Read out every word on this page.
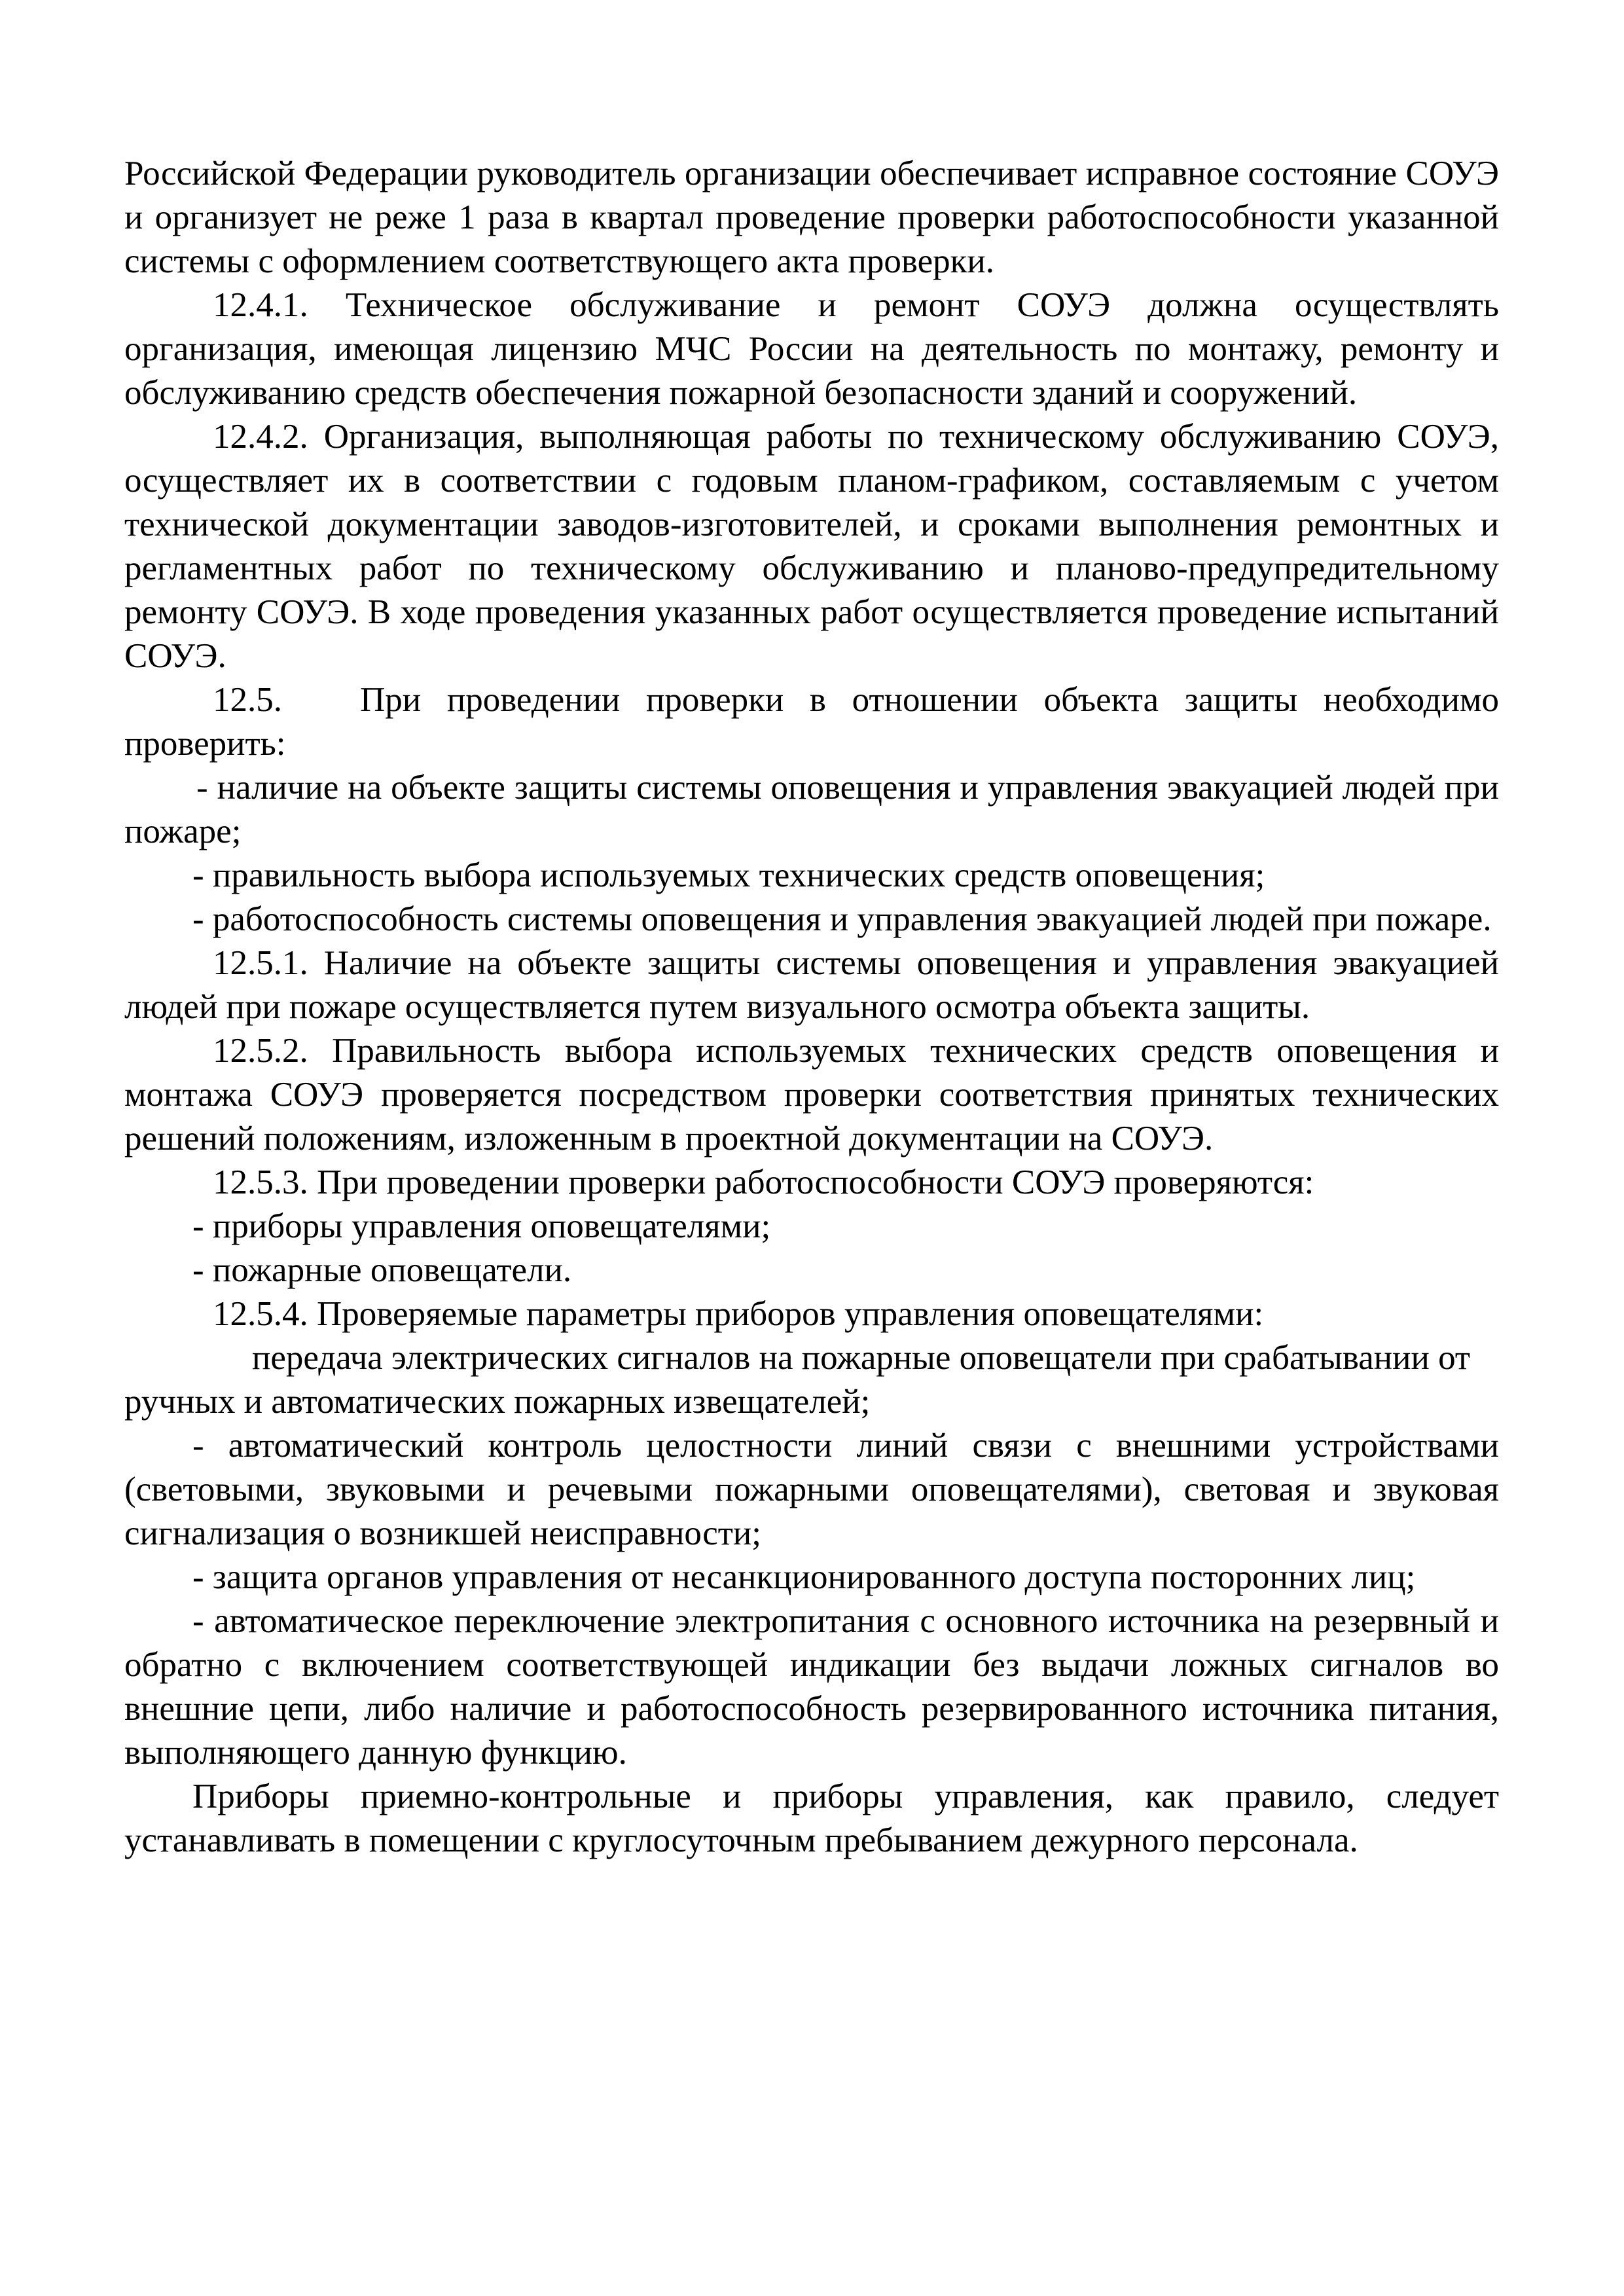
Российской Федерации руководитель организации обеспечивает исправное состояние СОУЭ и организует не реже 1 раза в квартал проведение проверки работоспособности указанной системы с оформлением соответствующего акта проверки.

12.4.1. Техническое обслуживание и ремонт СОУЭ должна осуществлять организация, имеющая лицензию МЧС России на деятельность по монтажу, ремонту и обслуживанию средств обеспечения пожарной безопасности зданий и сооружений.

12.4.2. Организация, выполняющая работы по техническому обслуживанию СОУЭ, осуществляет их в соответствии с годовым планом-графиком, составляемым с учетом технической документации заводов-изготовителей, и сроками выполнения ремонтных и регламентных работ по техническому обслуживанию и планово-предупредительному ремонту СОУЭ. В ходе проведения указанных работ осуществляется проведение испытаний СОУЭ.

12.5. При проведении проверки в отношении объекта защиты необходимо проверить:

- наличие на объекте защиты системы оповещения и управления эвакуацией людей при пожаре;

- правильность выбора используемых технических средств оповещения;

- работоспособность системы оповещения и управления эвакуацией людей при пожаре.

12.5.1. Наличие на объекте защиты системы оповещения и управления эвакуацией людей при пожаре осуществляется путем визуального осмотра объекта защиты.

12.5.2. Правильность выбора используемых технических средств оповещения и монтажа СОУЭ проверяется посредством проверки соответствия принятых технических решений положениям, изложенным в проектной документации на СОУЭ.

12.5.3. При проведении проверки работоспособности СОУЭ проверяются:

- приборы управления оповещателями;

- пожарные оповещатели.

12.5.4. Проверяемые параметры приборов управления оповещателями:

передача электрических сигналов на пожарные оповещатели при срабатывании от ручных и автоматических пожарных извещателей;

- автоматический контроль целостности линий связи с внешними устройствами (световыми, звуковыми и речевыми пожарными оповещателями), световая и звуковая сигнализация о возникшей неисправности;

- защита органов управления от несанкционированного доступа посторонних лиц;

- автоматическое переключение электропитания с основного источника на резервный и обратно с включением соответствующей индикации без выдачи ложных сигналов во внешние цепи, либо наличие и работоспособность резервированного источника питания, выполняющего данную функцию.

Приборы приемно-контрольные и приборы управления, как правило, следует устанавливать в помещении с круглосуточным пребыванием дежурного персонала.
